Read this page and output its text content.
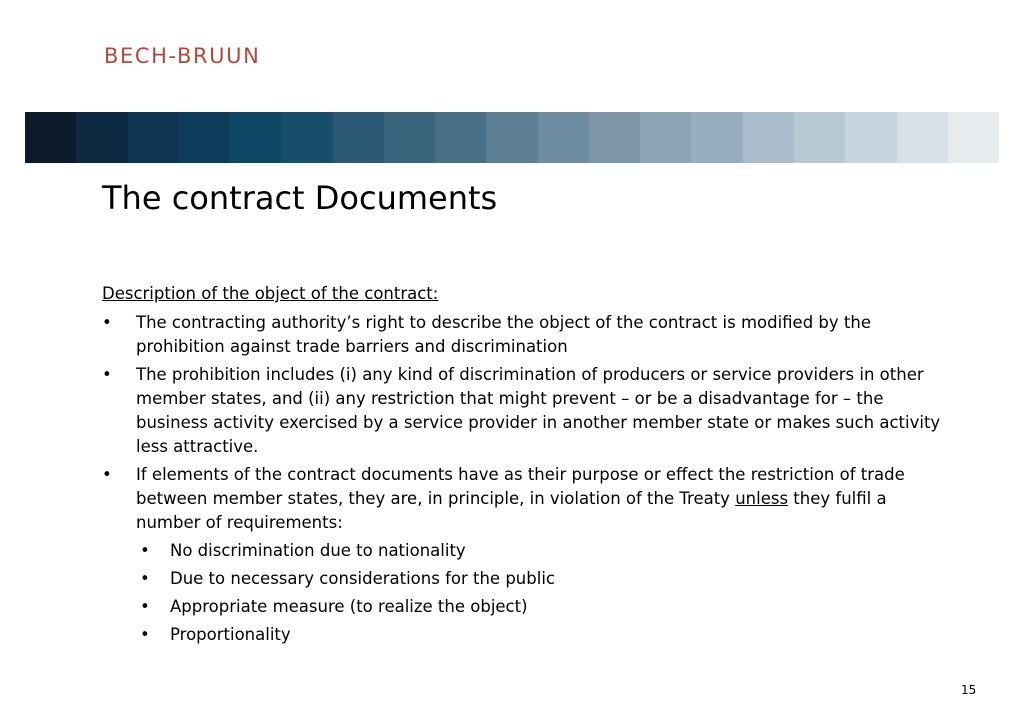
BECH-BRUUN
The contract Documents
Description of the object of the contract:
• The contracting authority’s right to describe the object of the contract is modified by the prohibition against trade barriers and discrimination
• The prohibition includes (i) any kind of discrimination of producers or service providers in other member states, and (ii) any restriction that might prevent – or be a disadvantage for – the business activity exercised by a service provider in another member state or makes such activity less attractive.
• If elements of the contract documents have as their purpose or effect the restriction of trade between member states, they are, in principle, in violation of the Treaty unless they fulfil a number of requirements:
• No discrimination due to nationality
• Due to necessary considerations for the public
• Appropriate measure (to realize the object)
• Proportionality
15
